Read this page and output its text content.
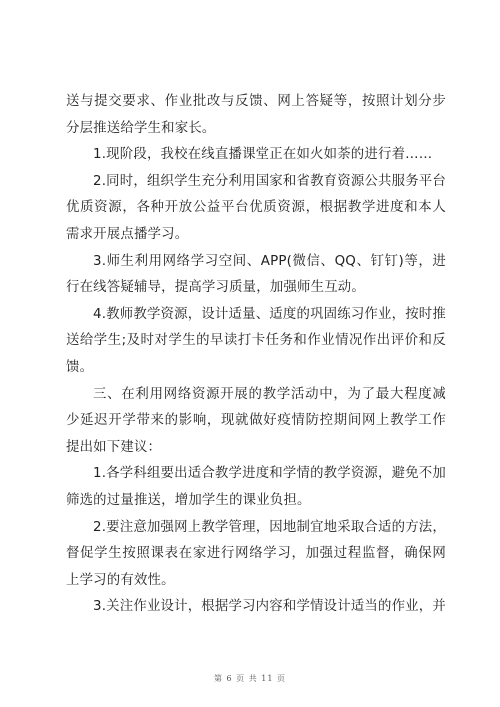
送与提交要求、作业批改与反馈、网上答疑等，按照计划分步分层推送给学生和家长。

1.现阶段，我校在线直播课堂正在如火如荼的进行着……

2.同时，组织学生充分利用国家和省教育资源公共服务平台优质资源，各种开放公益平台优质资源，根据教学进度和本人需求开展点播学习。

3.师生利用网络学习空间、APP(微信、QQ、钉钉)等，进行在线答疑辅导，提高学习质量，加强师生互动。

4.教师教学资源，设计适量、适度的巩固练习作业，按时推送给学生;及时对学生的早读打卡任务和作业情况作出评价和反馈。

三、在利用网络资源开展的教学活动中，为了最大程度减少延迟开学带来的影响，现就做好疫情防控期间网上教学工作提出如下建议：

1.各学科组要出适合教学进度和学情的教学资源，避免不加筛选的过量推送，增加学生的课业负担。

2.要注意加强网上教学管理，因地制宜地采取合适的方法，督促学生按照课表在家进行网络学习，加强过程监督，确保网上学习的有效性。

3.关注作业设计，根据学习内容和学情设计适当的作业，并

第 6 页 共 11 页
